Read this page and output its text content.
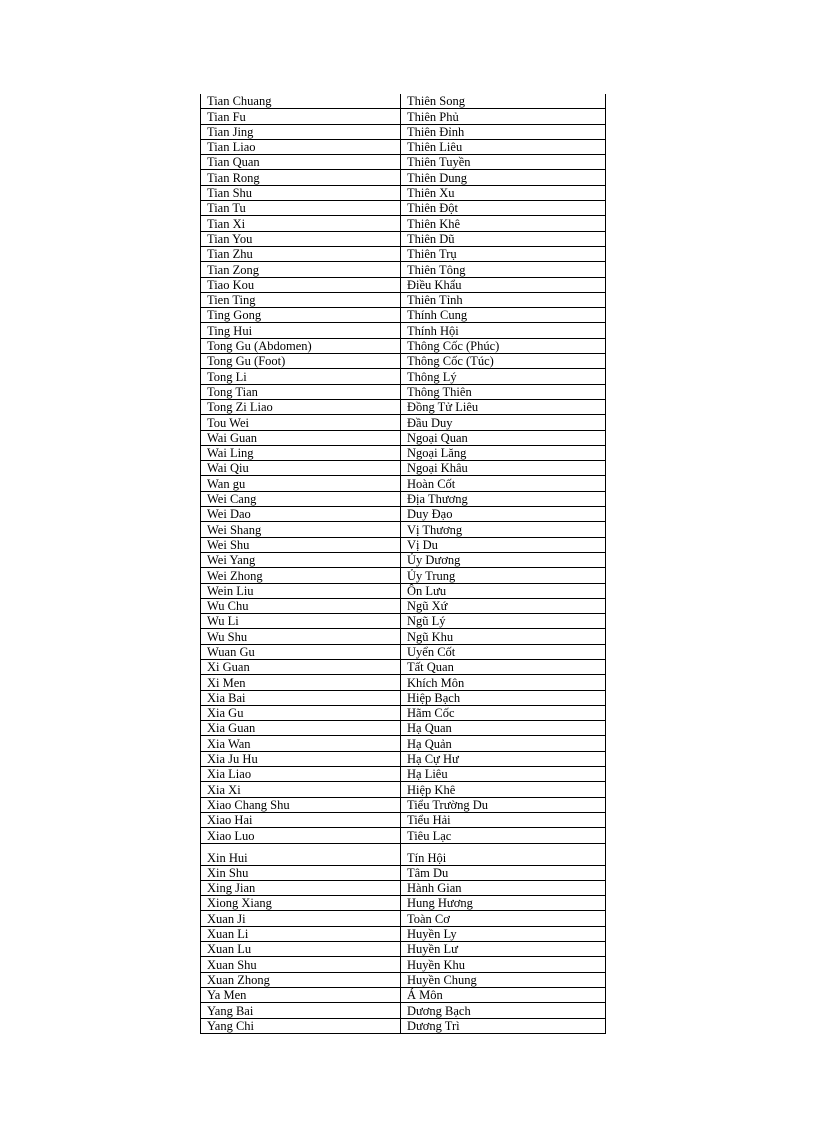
Tian Chuang	Thiên Song
Tian Fu	Thiên Phủ
Tian Jing	Thiên Đỉnh
Tian Liao	Thiên Liêu
Tian Quan	Thiên Tuyền
Tian Rong	Thiên Dung
Tian Shu	Thiên Xu
Tian Tu	Thiên Đột
Tian Xi	Thiên Khê
Tian You	Thiên Dũ
Tian Zhu	Thiên Trụ
Tian Zong	Thiên Tông
Tiao Kou	Điều Khẩu
Tien Ting	Thiên Tỉnh
Ting Gong	Thính Cung
Ting Hui	Thính Hội
Tong Gu (Abdomen)	Thông Cốc (Phúc)
Tong Gu (Foot)	Thông Cốc (Túc)
Tong Li	Thông Lý
Tong Tian	Thông Thiên
Tong Zi Liao	Đồng Tử Liêu
Tou Wei	Đầu Duy
Wai Guan	Ngoại Quan
Wai Ling	Ngoại Lăng
Wai Qiu	Ngoại Khâu
Wan gu	Hoàn Cốt
Wei Cang	Địa Thương
Wei Dao	Duy Đạo
Wei Shang	Vị Thương
Wei Shu	Vị Du
Wei Yang	Ủy Dương
Wei Zhong	Ủy Trung
Wein Liu	Ôn Lưu
Wu Chu	Ngũ Xứ
Wu Li	Ngũ Lý
Wu Shu	Ngũ Khu
Wuan Gu	Uyển Cốt
Xi Guan	Tất Quan
Xi Men	Khích Môn
Xia Bai	Hiệp Bạch
Xia Gu	Hãm Cốc
Xia Guan	Hạ Quan
Xia Wan	Hạ Quản
Xia Ju Hu	Hạ Cự Hư
Xia Liao	Hạ Liêu
Xia Xi	Hiệp Khê
Xiao Chang Shu	Tiểu Trường Du
Xiao Hai	Tiểu Hải
Xiao Luo	Tiêu Lạc
Xin Hui	Tín Hội
Xin Shu	Tâm Du
Xing Jian	Hành Gian
Xiong Xiang	Hung Hương
Xuan Ji	Toàn Cơ
Xuan Li	Huyền Ly
Xuan Lu	Huyền Lư
Xuan Shu	Huyền Khu
Xuan Zhong	Huyền Chung
Ya Men	Á Môn
Yang Bai	Dương Bạch
Yang Chi	Dương Trì
